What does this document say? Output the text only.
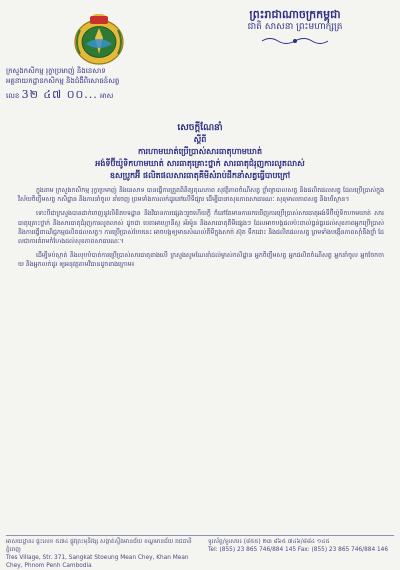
ព្រះរាជាណាចក្រកម្ពុជា
ជាតិ សាសនា ព្រះមហាក្សត្រ
ក្រសួងកសិកម្ម រុក្ខាប្រមាញ់ និងនេសាទ
អគ្គនាយកដ្ឋានកសិកម្ម និងជំងឺពិសោធន៍សត្វ
លេខ 3២ ៤៧ ០០... អាស
សេចក្តីណែនាំ
ស្តីពី
ការហាមឃាត់ប្រើប្រាស់សារធាតុហាមឃាត់
អង់ទីប៊ីយ៉ូទិកហាមឃាត់ សារធាតុគ្រោះថ្នាក់ សារធាតុជំរុញការលូតលាស់
ឧសប្រូកអ៊ី ផលិតផលសារធាតុគីមីសំរាប់ដឹកនាំសត្វធ្វើបាបក្រៅ

ក្នុងនាម ក្រសួងកសិកម្ម រុក្ខាប្រមាញ់ និងនេសាទ បានធ្វើការត្រួតពិនិត្យគុណភាព សុវត្ថិភាពចំណីសត្វ ថ្នាំព្យាបាលសត្វ និងផលិតផលសត្វ ដែលប្រើប្រាស់ក្នុងវិស័យចិញ្ចឹមសត្វ កសិដ្ឋាន និងការនាំចូល នាំចេញ ព្រមទាំងការលក់ដូរនៅលើទីផ្សារ ដើម្បីធានាសុខភាពសាធារណៈ សុខុមាលភាពសត្វ និងបរិស្ថាន។

ទោះបីជាក្រសួងបានដាក់ចេញនូវលិខិតបទដ្ឋាន និងវិធានការផ្សេងៗរួចហើយក្តី ក៏នៅតែមានការរកឃើញការប្រើប្រាស់សារធាតុអង់ទីប៊ីយ៉ូទិកហាមឃាត់ សារធាតុគ្រោះថ្នាក់ និងសារធាតុជំរុញការលូតលាស់ ដូចជា បេតាអាហ្គោនីស្ត អ័រម៉ូន និងសារធាតុគីមីផ្សេងៗ ដែលអាចបង្កផលប៉ះពាល់ធ្ងន់ធ្ងរដល់សុខភាពអ្នកប្រើប្រាស់ និងការធ្វើពាណិជ្ជកម្មផលិតផលសត្វ។ ការប្រើប្រាស់បែបនេះ អាចបង្កឲ្យមានសំណល់គីមីក្នុងសាច់ ស៊ុត ទឹកដោះ និងផលិតផលសត្វ ព្រមទាំងបង្កើនភាពស៊ាំនឹងថ្នាំ ដែលជាការគំរាមកំហែងដល់សុខភាពសាធារណៈ។

ដើម្បីទប់ស្កាត់ និងលុបបំបាត់ការប្រើប្រាស់សារធាតុខាងលើ ក្រសួងសូមណែនាំដល់ម្ចាស់កសិដ្ឋាន អ្នកចិញ្ចឹមសត្វ អ្នកផលិតចំណីសត្វ អ្នកនាំចូល អ្នកចែកចាយ និងអ្នកលក់ដូរ ឲ្យអនុវត្តតាមវិធានដូចខាងក្រោម៖

អាសយដ្ឋាន៖ ផ្ទះលេខ ៥៧៤ ផ្លូវព្រះមុនីវង្ស សង្កាត់ស្ទឹងមានជ័យ ខណ្ឌមានជ័យ រាជធានីភ្នំពេញ
Tres Village, Str. 371, Sangkat Stoeung Mean Chey, Khan Mean Chey, Phnom Penh Cambodia
ទូរស័ព្ទ/ទូរសារ៖ (៨៥៥) ២៣ ៨៦៥ ៧៤៦/៨៨៤ ១៤៥
Tel: (855) 23 865 746/884 145 Fax: (855) 23 865 746/884 146
